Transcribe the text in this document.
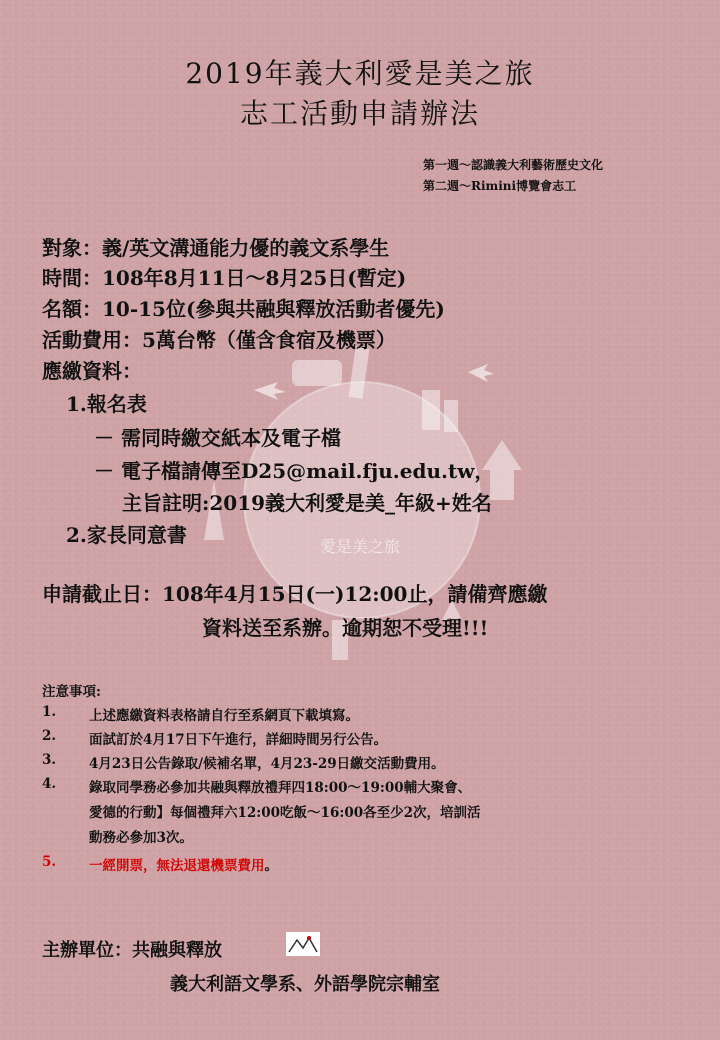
2019年義大利愛是美之旅
志工活動申請辦法
第一週～認識義大利藝術歷史文化
第二週～Rimini博覽會志工
對象：義/英文溝通能力優的義文系學生
時間：108年8月11日～8月25日(暫定)
名額：10-15位(參與共融與釋放活動者優先)
活動費用：5萬台幣（僅含食宿及機票）
應繳資料：
1.報名表
－ 需同時繳交紙本及電子檔
－ 電子檔請傳至D25@mail.fju.edu.tw，
主旨註明:2019義大利愛是美_年級+姓名
2.家長同意書	愛是美之旅
申請截止日：108年4月15日(一)12:00止，請備齊應繳
資料送至系辦。逾期恕不受理!!!
注意事項:
1. 上述應繳資料表格請自行至系網頁下載填寫。
2. 面試訂於4月17日下午進行，詳細時間另行公告。
3. 4月23日公告錄取/候補名單，4月23-29日繳交活動費用。
4. 錄取同學務必參加共融與釋放禮拜四18:00～19:00輔大聚會、
愛德的行動】每個禮拜六12:00吃飯～16:00各至少2次，培訓活
動務必參加3次。
5. 一經開票，無法退還機票費用。
主辦單位：共融與釋放
義大利語文學系、外語學院宗輔室
